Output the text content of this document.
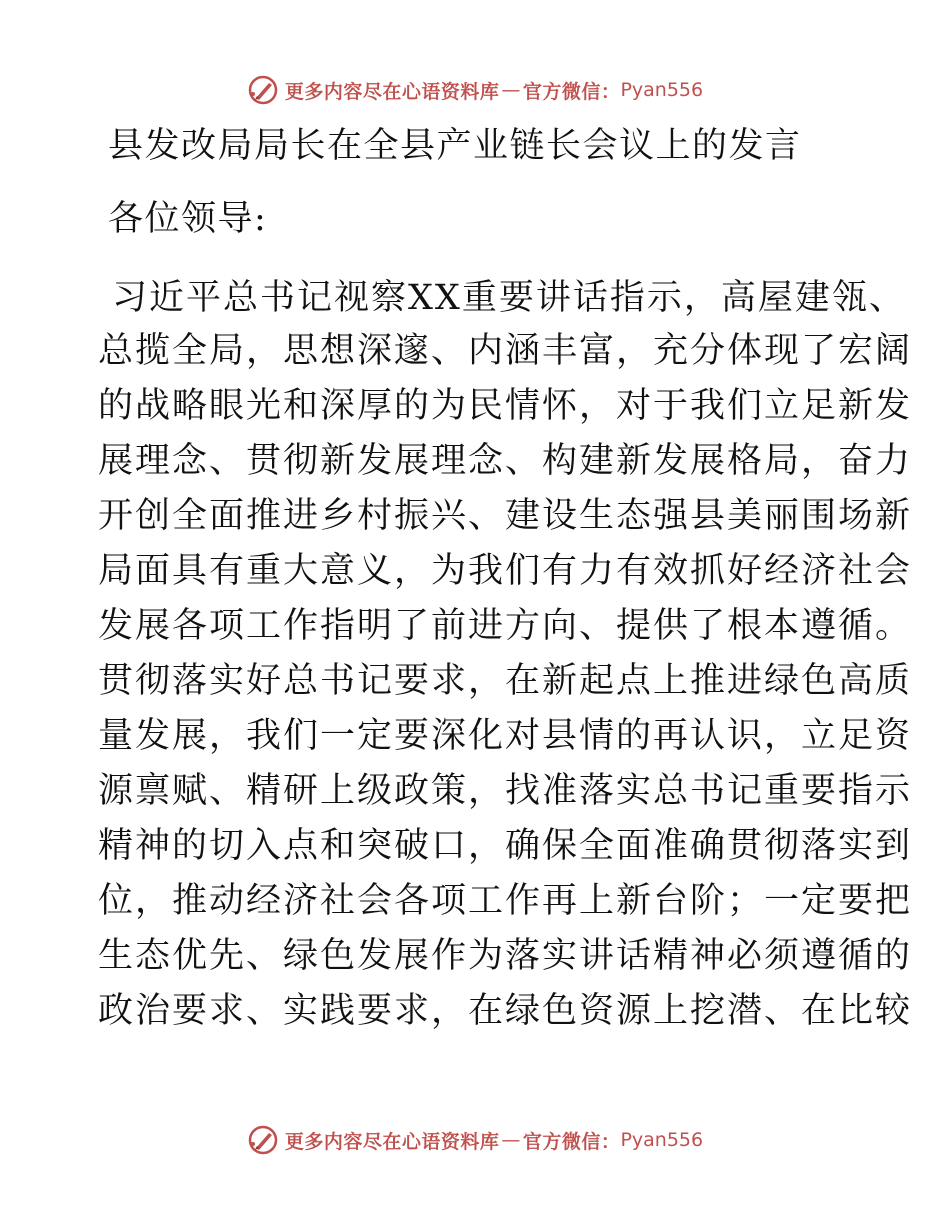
更多内容尽在心语资料库 — 官方微信： Pyan556
县发改局局长在全县产业链长会议上的发言
各位领导:
习近平总书记视察XX重要讲话指示，高屋建瓴、
总揽全局，思想深邃、内涵丰富，充分体现了宏阔
的战略眼光和深厚的为民情怀，对于我们立足新发
展理念、贯彻新发展理念、构建新发展格局，奋力
开创全面推进乡村振兴、建设生态强县美丽围场新
局面具有重大意义，为我们有力有效抓好经济社会
发展各项工作指明了前进方向、提供了根本遵循。
贯彻落实好总书记要求，在新起点上推进绿色高质
量发展，我们一定要深化对县情的再认识，立足资
源禀赋、精研上级政策，找准落实总书记重要指示
精神的切入点和突破口，确保全面准确贯彻落实到
位，推动经济社会各项工作再上新台阶；一定要把
生态优先、绿色发展作为落实讲话精神必须遵循的
政治要求、实践要求，在绿色资源上挖潜、在比较
更多内容尽在心语资料库 — 官方微信： Pyan556
